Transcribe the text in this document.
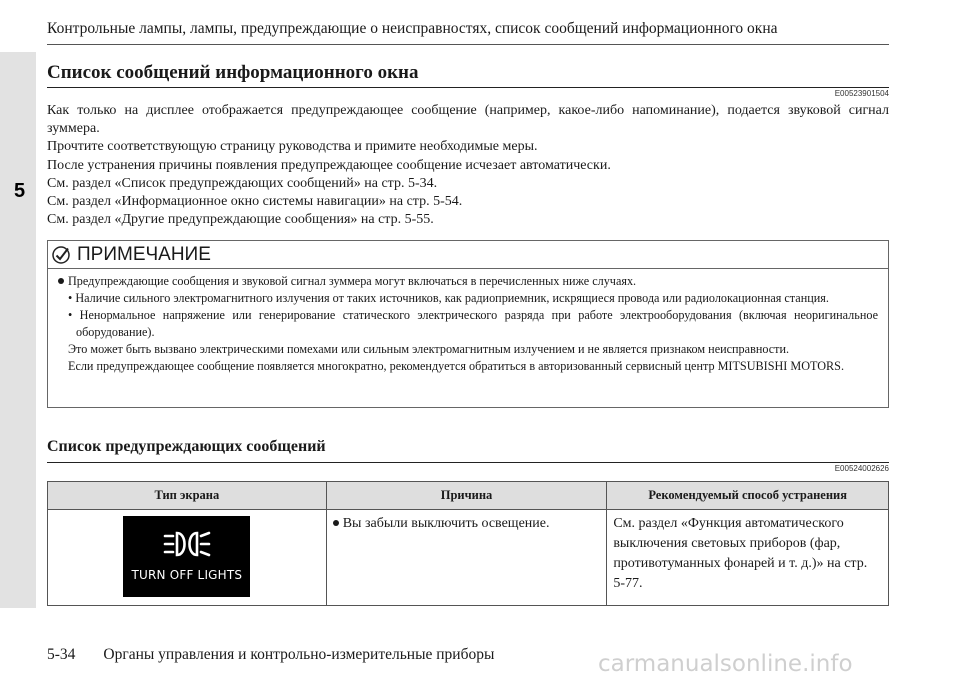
5
Контрольные лампы, лампы, предупреждающие о неисправностях, список сообщений информационного окна
Список сообщений информационного окна
E00523901504

Как только на дисплее отображается предупреждающее сообщение (например, какое-либо напоминание), подается звуковой сигнал зуммера.

Прочтите соответствующую страницу руководства и примите необходимые меры.

После устранения причины появления предупреждающее сообщение исчезает автоматически.

См. раздел «Список предупреждающих сообщений» на стр. 5-34.

См. раздел «Информационное окно системы навигации» на стр. 5-54.

См. раздел «Другие предупреждающие сообщения» на стр. 5-55.

ПРИМЕЧАНИЕ
Предупреждающие сообщения и звуковой сигнал зуммера могут включаться в перечисленных ниже случаях.
• Наличие сильного электромагнитного излучения от таких источников, как радиоприемник, искрящиеся провода или радиолокационная станция.
• Ненормальное напряжение или генерирование статического электрического разряда при работе электрооборудования (включая неоригинальное оборудование).
Это может быть вызвано электрическими помехами или сильным электромагнитным излучением и не является признаком неисправности.
Если предупреждающее сообщение появляется многократно, рекомендуется обратиться в авторизованный сервисный центр MITSUBISHI MOTORS.
Список предупреждающих сообщений
E00524002626
Тип экрана	Причина	Рекомендуемый способ устранения

TURN OFF LIGHTS	Вы забыли выключить освещение.	См. раздел «Функция автоматического выключения световых приборов (фар, противотуманных фонарей и т. д.)» на стр. 5-77.
5-34 Органы управления и контрольно-измерительные приборы	carmanualsonline.info
